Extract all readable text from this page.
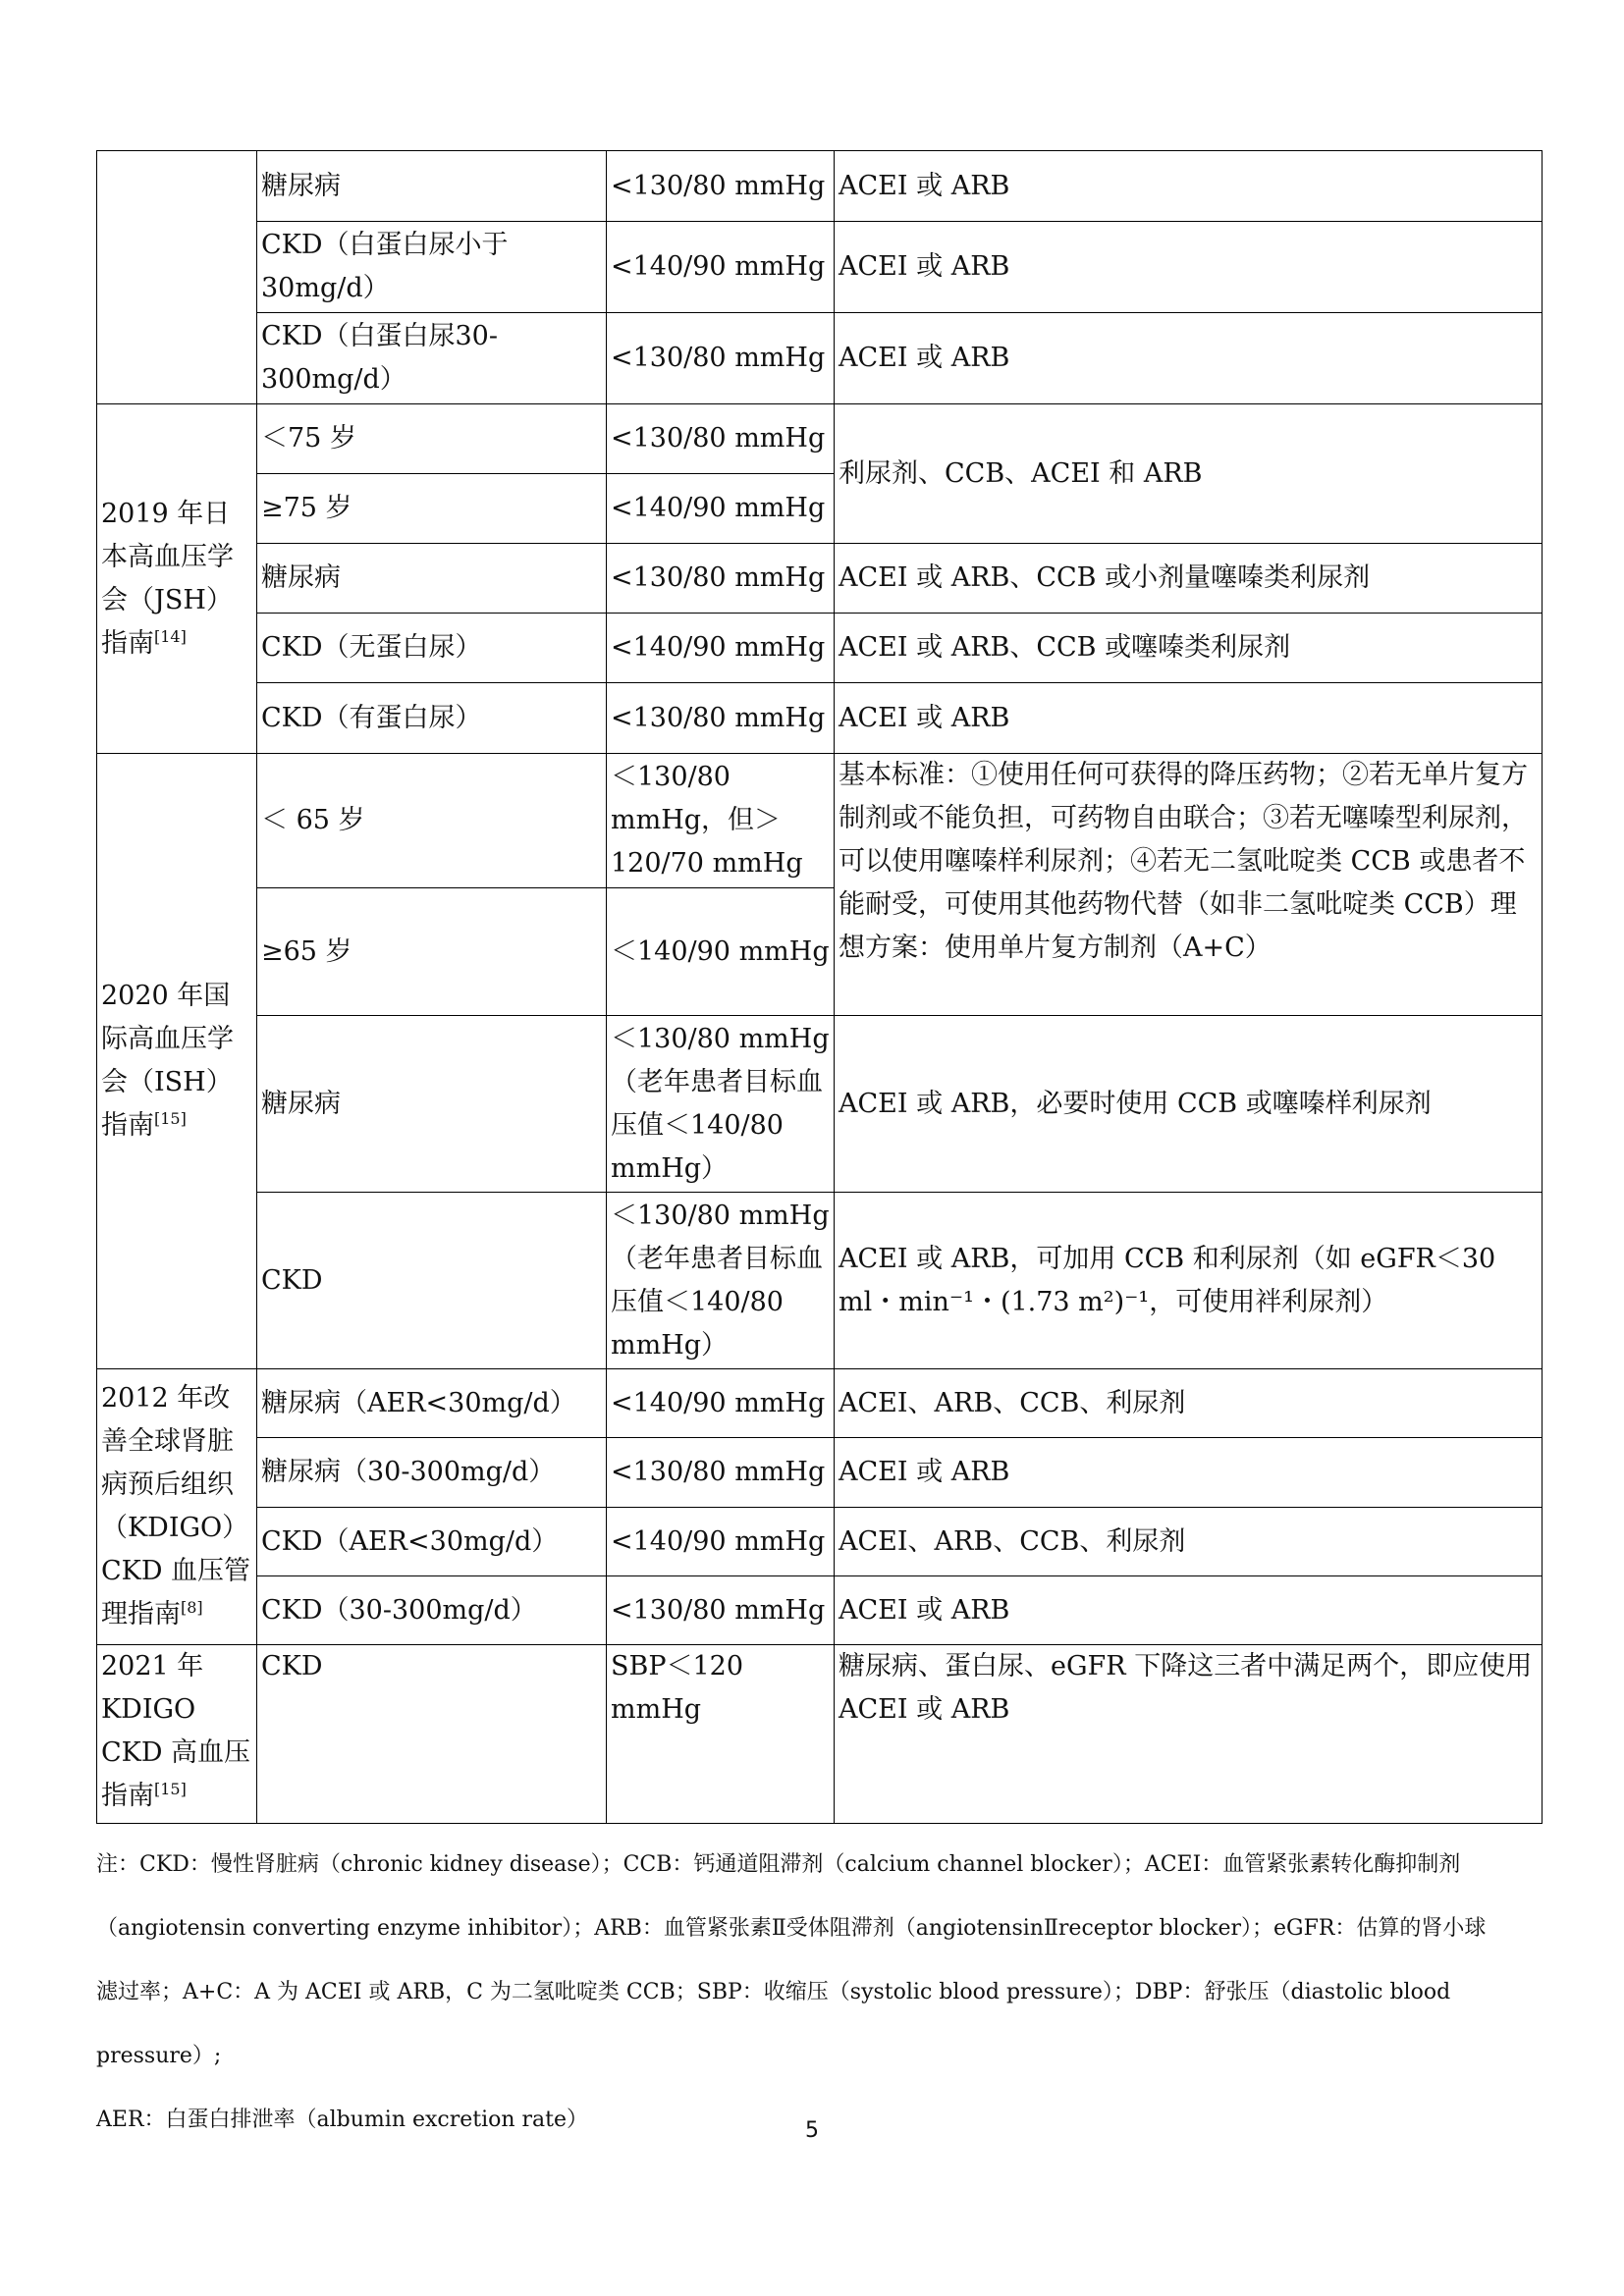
	糖尿病	<130/80 mmHg	ACEI 或 ARB
	CKD（白蛋白尿小于30mg/d）	<140/90 mmHg	ACEI 或 ARB
	CKD（白蛋白尿30-300mg/d）	<130/80 mmHg	ACEI 或 ARB
2019 年日本高血压学会（JSH）指南[14]	＜75 岁	<130/80 mmHg	利尿剂、CCB、ACEI 和 ARB
	≥75 岁	<140/90 mmHg	
	糖尿病	<130/80 mmHg	ACEI 或 ARB、CCB 或小剂量噻嗪类利尿剂
	CKD（无蛋白尿）	<140/90 mmHg	ACEI 或 ARB、CCB 或噻嗪类利尿剂
	CKD（有蛋白尿）	<130/80 mmHg	ACEI 或 ARB
2020 年国际高血压学会（ISH）指南[15]	＜ 65 岁	＜130/80 mmHg，但＞120/70 mmHg	基本标准：①使用任何可获得的降压药物；②若无单片复方制剂或不能负担，可药物自由联合；③若无噻嗪型利尿剂，可以使用噻嗪样利尿剂；④若无二氢吡啶类 CCB 或患者不能耐受，可使用其他药物代替（如非二氢吡啶类 CCB）理想方案：使用单片复方制剂（A+C）
	≥65 岁	＜140/90 mmHg	
	糖尿病	＜130/80 mmHg（老年患者目标血压值＜140/80 mmHg）	ACEI 或 ARB，必要时使用 CCB 或噻嗪样利尿剂
	CKD	＜130/80 mmHg（老年患者目标血压值＜140/80 mmHg）	ACEI 或 ARB，可加用 CCB 和利尿剂（如 eGFR＜30 ml・min⁻¹・(1.73 m²)⁻¹，可使用袢利尿剂）
2012 年改善全球肾脏病预后组织（KDIGO）CKD 血压管理指南[8]	糖尿病（AER<30mg/d）	<140/90 mmHg	ACEI、ARB、CCB、利尿剂
	糖尿病（30-300mg/d）	<130/80 mmHg	ACEI 或 ARB
	CKD（AER<30mg/d）	<140/90 mmHg	ACEI、ARB、CCB、利尿剂
	CKD（30-300mg/d）	<130/80 mmHg	ACEI 或 ARB
2021 年 KDIGO CKD 高血压指南[15]	CKD	SBP＜120 mmHg	糖尿病、蛋白尿、eGFR 下降这三者中满足两个，即应使用 ACEI 或 ARB

注：CKD：慢性肾脏病（chronic kidney disease）；CCB：钙通道阻滞剂（calcium channel blocker）；ACEI：血管紧张素转化酶抑制剂

（angiotensin converting enzyme inhibitor）；ARB：血管紧张素Ⅱ受体阻滞剂（angiotensinⅡreceptor blocker）；eGFR：估算的肾小球

滤过率；A+C：A 为 ACEI 或 ARB，C 为二氢吡啶类 CCB；SBP：收缩压（systolic blood pressure）；DBP：舒张压（diastolic blood pressure）;

AER：白蛋白排泄率（albumin excretion rate）	5
